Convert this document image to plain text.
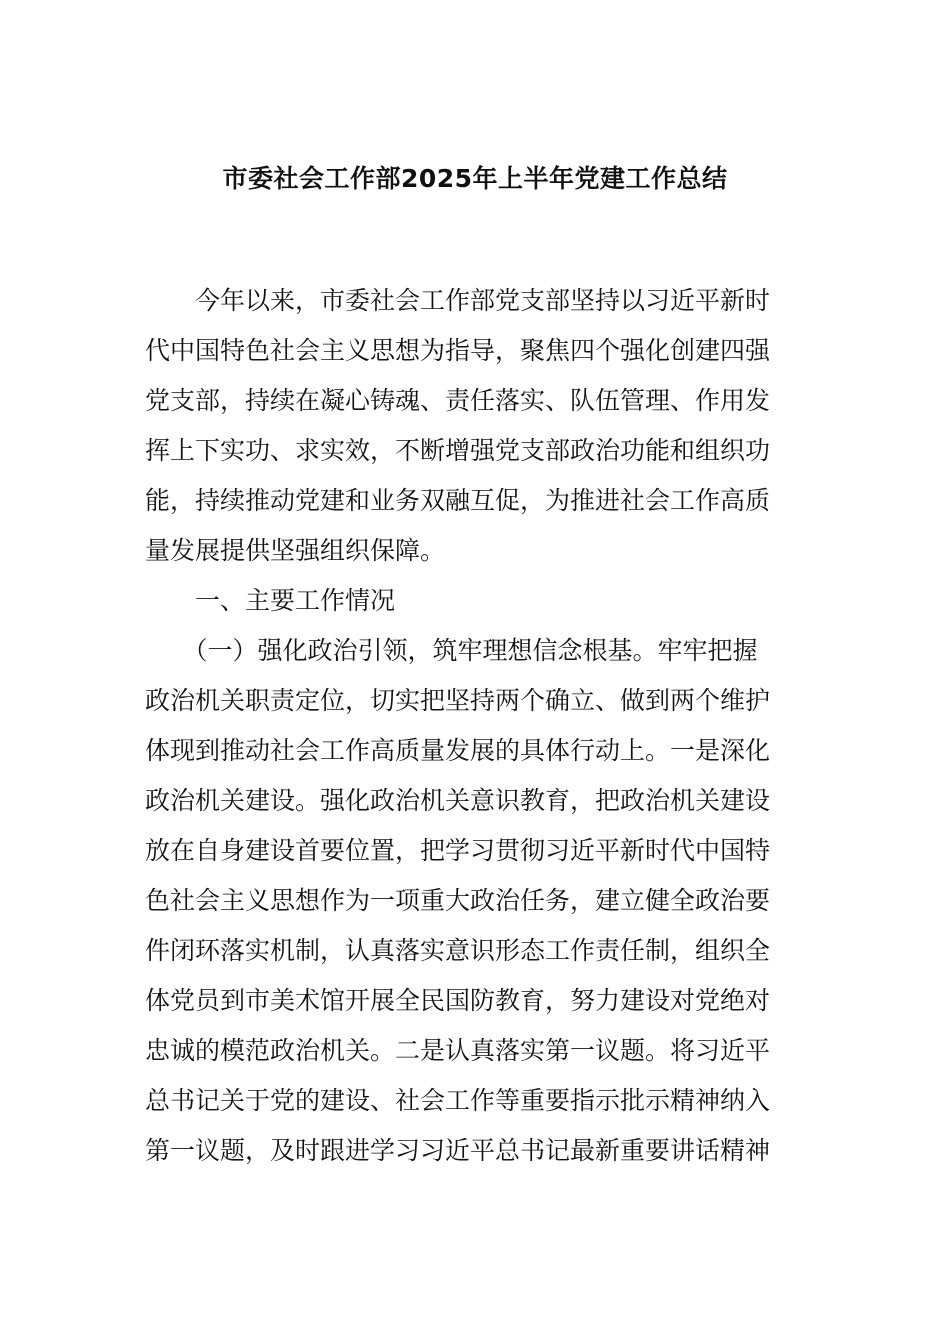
市委社会工作部2025年上半年党建工作总结
　　今年以来，市委社会工作部党支部坚持以习近平新时
代中国特色社会主义思想为指导，聚焦四个强化创建四强
党支部，持续在凝心铸魂、责任落实、队伍管理、作用发
挥上下实功、求实效，不断增强党支部政治功能和组织功
能，持续推动党建和业务双融互促，为推进社会工作高质
量发展提供坚强组织保障。
　　一、主要工作情况
　　（一）强化政治引领，筑牢理想信念根基。牢牢把握
政治机关职责定位，切实把坚持两个确立、做到两个维护
体现到推动社会工作高质量发展的具体行动上。一是深化
政治机关建设。强化政治机关意识教育，把政治机关建设
放在自身建设首要位置，把学习贯彻习近平新时代中国特
色社会主义思想作为一项重大政治任务，建立健全政治要
件闭环落实机制，认真落实意识形态工作责任制，组织全
体党员到市美术馆开展全民国防教育，努力建设对党绝对
忠诚的模范政治机关。二是认真落实第一议题。将习近平
总书记关于党的建设、社会工作等重要指示批示精神纳入
第一议题，及时跟进学习习近平总书记最新重要讲话精神
